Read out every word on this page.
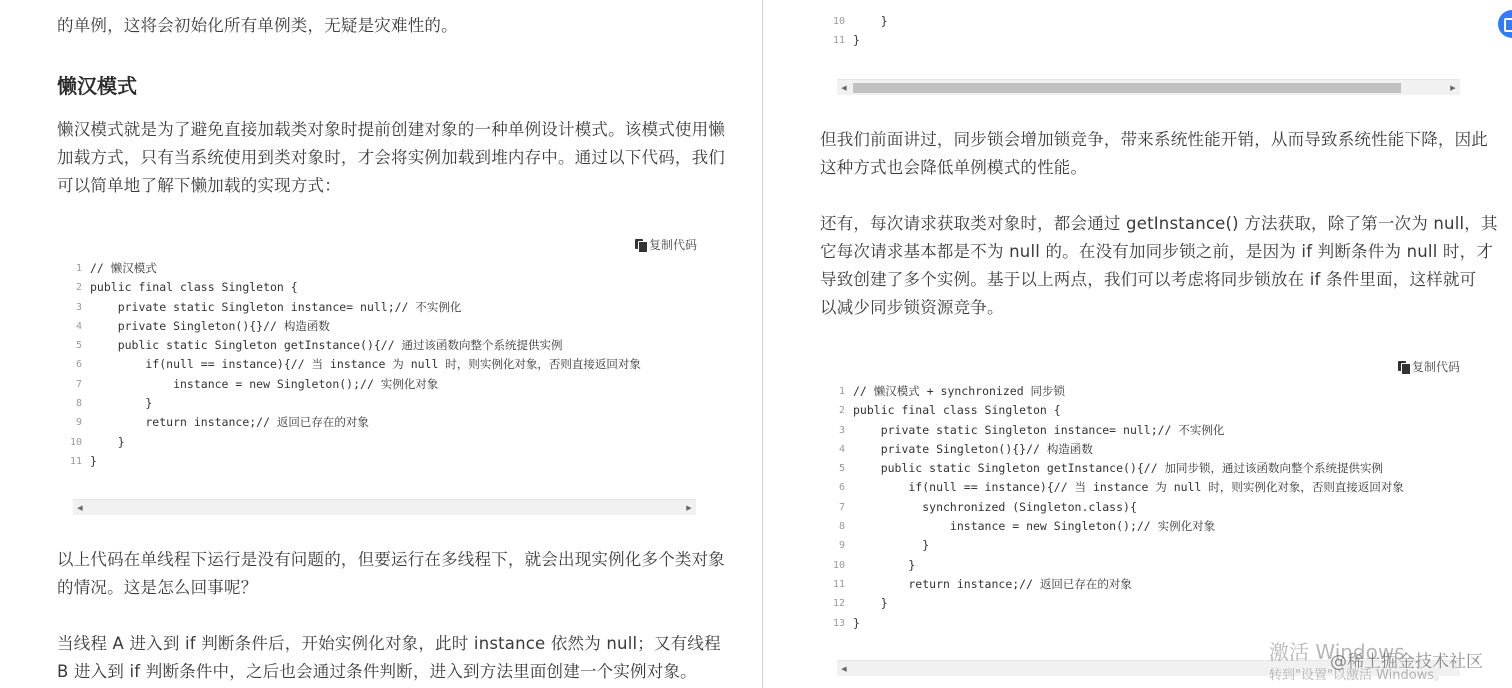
的单例，这将会初始化所有单例类，无疑是灾难性的。
懒汉模式
懒汉模式就是为了避免直接加载类对象时提前创建对象的一种单例设计模式。该模式使用懒
加载方式，只有当系统使用到类对象时，才会将实例加载到堆内存中。通过以下代码，我们
可以简单地了解下懒加载的实现方式：
复制代码
1 // 懒汉模式
2 public final class Singleton {
3 private static Singleton instance= null;// 不实例化
4 private Singleton(){}// 构造函数
5 public static Singleton getInstance(){// 通过该函数向整个系统提供实例
6 if(null == instance){// 当 instance 为 null 时，则实例化对象，否则直接返回对象
7 instance = new Singleton();// 实例化对象
8 }
9 return instance;// 返回已存在的对象
10 }
11 }
◀	▶
以上代码在单线程下运行是没有问题的，但要运行在多线程下，就会出现实例化多个类对象
的情况。这是怎么回事呢？
当线程 A 进入到 if 判断条件后，开始实例化对象，此时 instance 依然为 null；又有线程
B 进入到 if 判断条件中，之后也会通过条件判断，进入到方法里面创建一个实例对象。
10 }
11 }
◀	▶
但我们前面讲过，同步锁会增加锁竞争，带来系统性能开销，从而导致系统性能下降，因此
这种方式也会降低单例模式的性能。
还有，每次请求获取类对象时，都会通过 getInstance() 方法获取，除了第一次为 null，其
它每次请求基本都是不为 null 的。在没有加同步锁之前，是因为 if 判断条件为 null 时，才
导致创建了多个实例。基于以上两点，我们可以考虑将同步锁放在 if 条件里面，这样就可
以减少同步锁资源竞争。
复制代码
1 // 懒汉模式 + synchronized 同步锁
2 public final class Singleton {
3 private static Singleton instance= null;// 不实例化
4 private Singleton(){}// 构造函数
5 public static Singleton getInstance(){// 加同步锁，通过该函数向整个系统提供实例
6 if(null == instance){// 当 instance 为 null 时，则实例化对象，否则直接返回对象
7 synchronized (Singleton.class){
8 instance = new Singleton();// 实例化对象
9 }
10 }
11 return instance;// 返回已存在的对象
12 }
13 }
◀
激活 Windows
转到"设置"以激活 Windows。
@稀土掘金技术社区
